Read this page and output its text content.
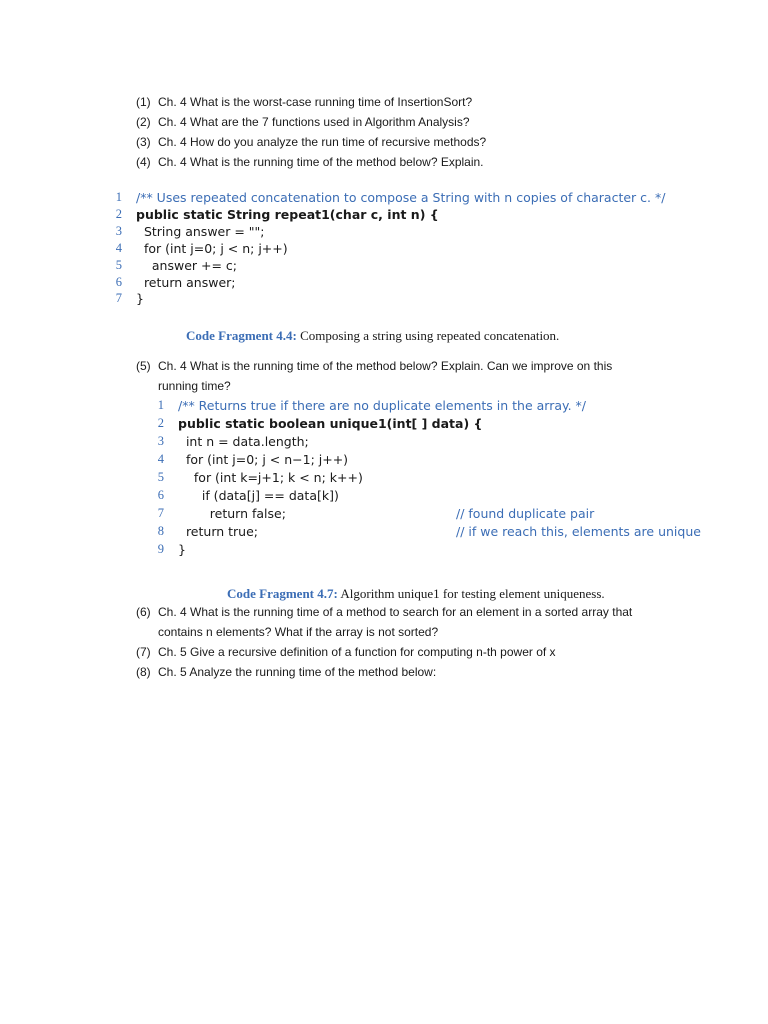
(1) Ch. 4 What is the worst-case running time of InsertionSort?
(2) Ch. 4 What are the 7 functions used in Algorithm Analysis?
(3) Ch. 4 How do you analyze the run time of recursive methods?
(4) Ch. 4 What is the running time of the method below? Explain.
1 /** Uses repeated concatenation to compose a String with n copies of character c. */
2 public static String repeat1(char c, int n) {
3 String answer = "";
4 for (int j=0; j < n; j++)
5 answer += c;
6 return answer;
7 }

Code Fragment 4.4: Composing a string using repeated concatenation.

(5) Ch. 4 What is the running time of the method below? Explain. Can we improve on this
running time?
1 /** Returns true if there are no duplicate elements in the array. */
2 public static boolean unique1(int[ ] data) {
3 int n = data.length;
4 for (int j=0; j < n−1; j++)
5 for (int k=j+1; k < n; k++)
6 if (data[j] == data[k])
7 return false;	// found duplicate pair
8 return true;	// if we reach this, elements are unique
9 }

Code Fragment 4.7: Algorithm unique1 for testing element uniqueness.

(6) Ch. 4 What is the running time of a method to search for an element in a sorted array that
contains n elements? What if the array is not sorted?
(7) Ch. 5 Give a recursive definition of a function for computing n-th power of x
(8) Ch. 5 Analyze the running time of the method below:
